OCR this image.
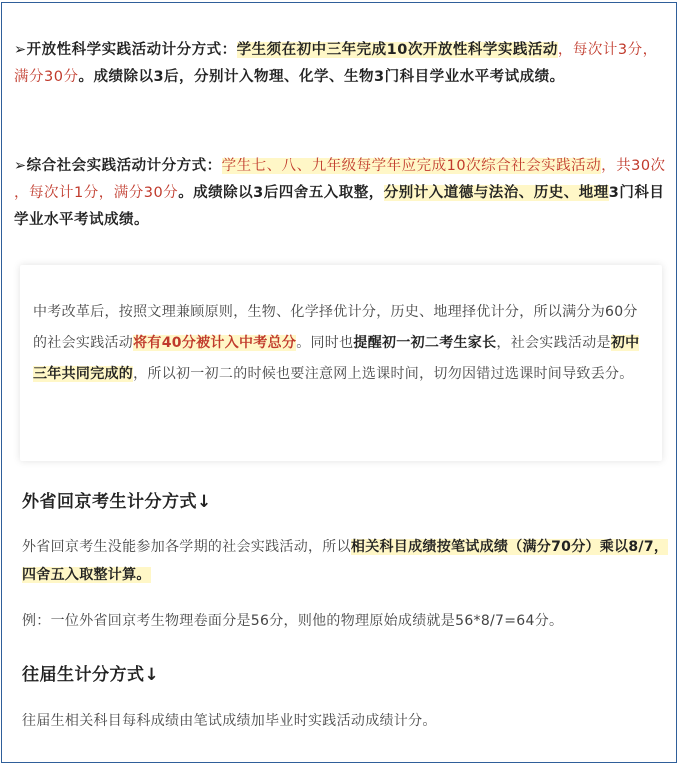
➢开放性科学实践活动计分方式：学生须在初中三年完成10次开放性科学实践活动，每次计3分，满分30分。成绩除以3后，分别计入物理、化学、生物3门科目学业水平考试成绩。

➢综合社会实践活动计分方式：学生七、八、九年级每学年应完成10次综合社会实践活动，共30次 ，每次计1分，满分30分。成绩除以3后四舍五入取整，分别计入道德与法治、历史、地理3门科目学业水平考试成绩。

中考改革后，按照文理兼顾原则，生物、化学择优计分，历史、地理择优计分，所以满分为60分的社会实践活动将有40分被计入中考总分。同时也提醒初一初二考生家长，社会实践活动是初中三年共同完成的，所以初一初二的时候也要注意网上选课时间，切勿因错过选课时间导致丢分。

外省回京考生计分方式↓

外省回京考生没能参加各学期的社会实践活动，所以相关科目成绩按笔试成绩（满分70分）乘以8/7，四舍五入取整计算。

例：一位外省回京考生物理卷面分是56分，则他的物理原始成绩就是56*8/7=64分。

往届生计分方式↓

往届生相关科目每科成绩由笔试成绩加毕业时实践活动成绩计分。
